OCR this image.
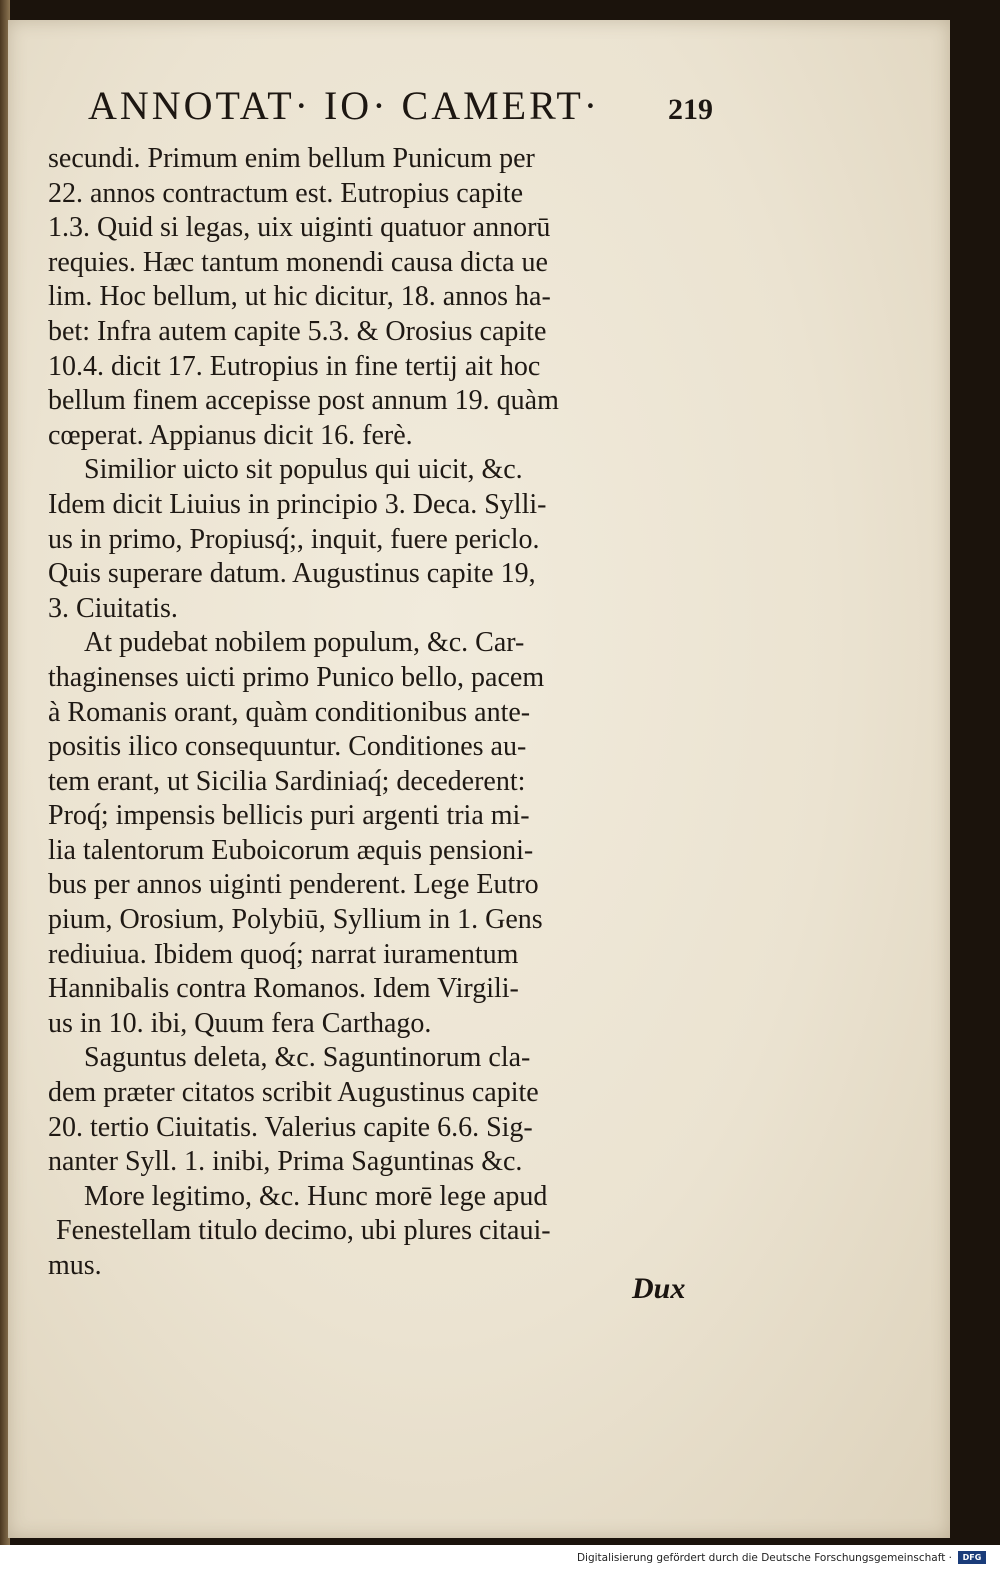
ANNOTAT· IO· CAMERT· 219
secundi. Primum enim bellum Punicum per
22. annos contractum est. Eutropius capite
1.3. Quid si legas, uix uiginti quatuor annorū
requies. Hæc tantum monendi causa dicta ue
lim. Hoc bellum, ut hic dicitur, 18. annos ha-
bet: Infra autem capite 5.3. & Orosius capite
10.4. dicit 17. Eutropius in fine tertij ait hoc
bellum finem accepisse post annum 19. quàm
cœperat. Appianus dicit 16. ferè.
Similior uicto sit populus qui uicit, &c.
Idem dicit Liuius in principio 3. Deca. Sylli-
us in primo, Propiusq́;, inquit, fuere periclo.
Quis superare datum. Augustinus capite 19,
3. Ciuitatis.
At pudebat nobilem populum, &c. Car-
thaginenses uicti primo Punico bello, pacem
à Romanis orant, quàm conditionibus ante-
positis ilico consequuntur. Conditiones au-
tem erant, ut Sicilia Sardiniaq́; decederent:
Proq́; impensis bellicis puri argenti tria mi-
lia talentorum Euboicorum æquis pensioni-
bus per annos uiginti penderent. Lege Eutro
pium, Orosium, Polybiū, Syllium in 1. Gens
rediuiua. Ibidem quoq́; narrat iuramentum
Hannibalis contra Romanos. Idem Virgili-
us in 10. ibi, Quum fera Carthago.
Saguntus deleta, &c. Saguntinorum cla-
dem præter citatos scribit Augustinus capite
20. tertio Ciuitatis. Valerius capite 6.6. Sig-
nanter Syll. 1. inibi, Prima Saguntinas &c.
More legitimo, &c. Hunc morē lege apud
Fenestellam titulo decimo, ubi plures citaui-
mus.
Dux
Digitalisierung gefördert durch die Deutsche Forschungsgemeinschaft ·	DFG
